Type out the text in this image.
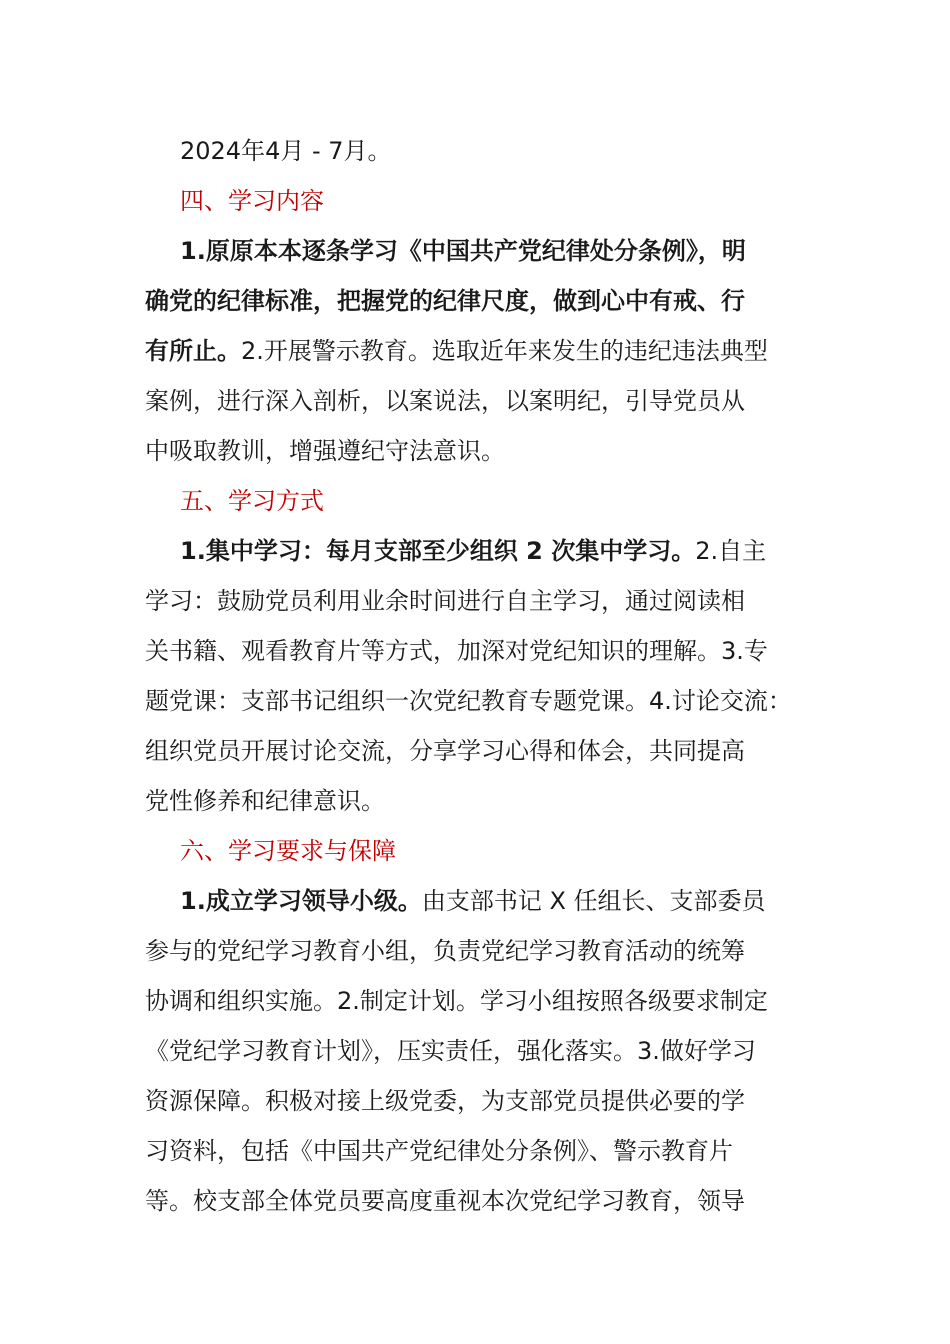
2024年4月 - 7月。
四、学习内容
1.原原本本逐条学习《中国共产党纪律处分条例》，明
确党的纪律标准，把握党的纪律尺度，做到心中有戒、行
有所止。2.开展警示教育。选取近年来发生的违纪违法典型
案例，进行深入剖析，以案说法，以案明纪，引导党员从
中吸取教训，增强遵纪守法意识。
五、学习方式
1.集中学习：每月支部至少组织 2 次集中学习。2.自主
学习：鼓励党员利用业余时间进行自主学习，通过阅读相
关书籍、观看教育片等方式，加深对党纪知识的理解。3.专
题党课：支部书记组织一次党纪教育专题党课。4.讨论交流：
组织党员开展讨论交流，分享学习心得和体会，共同提高
党性修养和纪律意识。
六、学习要求与保障
1.成立学习领导小级。由支部书记 X 任组长、支部委员
参与的党纪学习教育小组，负责党纪学习教育活动的统筹
协调和组织实施。2.制定计划。学习小组按照各级要求制定
《党纪学习教育计划》，压实责任，强化落实。3.做好学习
资源保障。积极对接上级党委，为支部党员提供必要的学
习资料，包括《中国共产党纪律处分条例》、警示教育片
等。校支部全体党员要高度重视本次党纪学习教育，领导
